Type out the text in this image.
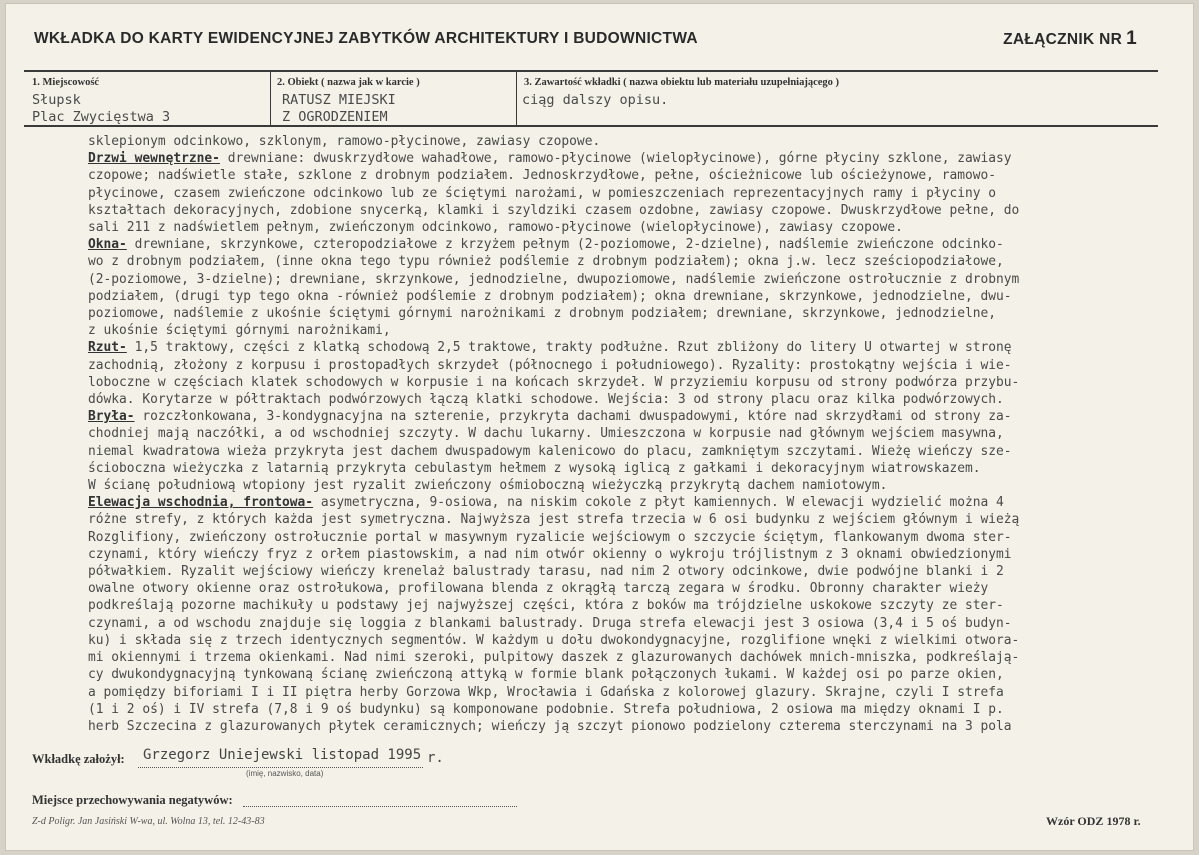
WKŁADKA DO KARTY EWIDENCYJNEJ ZABYTKÓW ARCHITEKTURY I BUDOWNICTWA	ZAŁĄCZNIK NR 1
1. Miejscowość
Słupsk
Plac Zwycięstwa 3
2. Obiekt ( nazwa jak w karcie )
RATUSZ MIEJSKI
Z OGRODZENIEM
3. Zawartość wkładki ( nazwa obiektu lub materiału uzupełniającego )
ciąg dalszy opisu.

sklepionym odcinkowo, szklonym, ramowo-płycinowe, zawiasy czopowe.

Drzwi wewnętrzne- drewniane: dwuskrzydłowe wahadłowe, ramowo-płycinowe (wielopłycinowe), górne płyciny szklone, zawiasy

czopowe; nadświetle stałe, szklone z drobnym podziałem. Jednoskrzydłowe, pełne, ościeżnicowe lub ościeżynowe, ramowo-

płycinowe, czasem zwieńczone odcinkowo lub ze ściętymi narożami, w pomieszczeniach reprezentacyjnych ramy i płyciny o

kształtach dekoracyjnych, zdobione snycerką, klamki i szyldziki czasem ozdobne, zawiasy czopowe. Dwuskrzydłowe pełne, do

sali 211 z nadświetlem pełnym, zwieńczonym odcinkowo, ramowo-płycinowe (wielopłycinowe), zawiasy czopowe.

Okna- drewniane, skrzynkowe, czteropodziałowe z krzyżem pełnym (2-poziomowe, 2-dzielne), nadślemie zwieńczone odcinko-

wo z drobnym podziałem, (inne okna tego typu również podślemie z drobnym podziałem); okna j.w. lecz sześciopodziałowe,

(2-poziomowe, 3-dzielne); drewniane, skrzynkowe, jednodzielne, dwupoziomowe, nadślemie zwieńczone ostrołucznie z drobnym

podziałem, (drugi typ tego okna -również podślemie z drobnym podziałem); okna drewniane, skrzynkowe, jednodzielne, dwu-

poziomowe, nadślemie z ukośnie ściętymi górnymi narożnikami z drobnym podziałem; drewniane, skrzynkowe, jednodzielne,

z ukośnie ściętymi górnymi narożnikami,

Rzut- 1,5 traktowy, części z klatką schodową 2,5 traktowe, trakty podłużne. Rzut zbliżony do litery U otwartej w stronę

zachodnią, złożony z korpusu i prostopadłych skrzydeł (północnego i południowego). Ryzality: prostokątny wejścia i wie-

loboczne w częściach klatek schodowych w korpusie i na końcach skrzydeł. W przyziemiu korpusu od strony podwórza przybu-

dówka. Korytarze w półtraktach podwórzowych łączą klatki schodowe. Wejścia: 3 od strony placu oraz kilka podwórzowych.

Bryła- rozczłonkowana, 3-kondygnacyjna na szterenie, przykryta dachami dwuspadowymi, które nad skrzydłami od strony za-

chodniej mają naczółki, a od wschodniej szczyty. W dachu lukarny. Umieszczona w korpusie nad głównym wejściem masywna,

niemal kwadratowa wieża przykryta jest dachem dwuspadowym kalenicowo do placu, zamkniętym szczytami. Wieżę wieńczy sze-

ścioboczna wieżyczka z latarnią przykryta cebulastym hełmem z wysoką iglicą z gałkami i dekoracyjnym wiatrowskazem.

W ścianę południową wtopiony jest ryzalit zwieńczony ośmioboczną wieżyczką przykrytą dachem namiotowym.

Elewacja wschodnia, frontowa- asymetryczna, 9-osiowa, na niskim cokole z płyt kamiennych. W elewacji wydzielić można 4

różne strefy, z których każda jest symetryczna. Najwyższa jest strefa trzecia w 6 osi budynku z wejściem głównym i wieżą

Rozglifiony, zwieńczony ostrołucznie portal w masywnym ryzalicie wejściowym o szczycie ściętym, flankowanym dwoma ster-

czynami, który wieńczy fryz z orłem piastowskim, a nad nim otwór okienny o wykroju trójlistnym z 3 oknami obwiedzionymi

półwałkiem. Ryzalit wejściowy wieńczy krenelaż balustrady tarasu, nad nim 2 otwory odcinkowe, dwie podwójne blanki i 2

owalne otwory okienne oraz ostrołukowa, profilowana blenda z okrągłą tarczą zegara w środku. Obronny charakter wieży

podkreślają pozorne machikuły u podstawy jej najwyższej części, która z boków ma trójdzielne uskokowe szczyty ze ster-

czynami, a od wschodu znajduje się loggia z blankami balustrady. Druga strefa elewacji jest 3 osiowa (3,4 i 5 oś budyn-

ku) i składa się z trzech identycznych segmentów. W każdym u dołu dwokondygnacyjne, rozglifione wnęki z wielkimi otwora-

mi okiennymi i trzema okienkami. Nad nimi szeroki, pulpitowy daszek z glazurowanych dachówek mnich-mniszka, podkreślają-

cy dwukondygnacyjną tynkowaną ścianę zwieńczoną attyką w formie blank połączonych łukami. W każdej osi po parze okien,

a pomiędzy biforiami I i II piętra herby Gorzowa Wkp, Wrocławia i Gdańska z kolorowej glazury. Skrajne, czyli I strefa

(1 i 2 oś) i IV strefa (7,8 i 9 oś budynku) są komponowane podobnie. Strefa południowa, 2 osiowa ma między oknami I p.

herb Szczecina z glazurowanych płytek ceramicznych; wieńczy ją szczyt pionowo podzielony czterema sterczynami na 3 pola

Wkładkę założył: Grzegorz Uniejewski listopad 1995 r.
(imię, nazwisko, data)
Miejsce przechowywania negatywów:
Z-d Poligr. Jan Jasiński W-wa, ul. Wolna 13, tel. 12-43-83	Wzór ODZ 1978 r.
